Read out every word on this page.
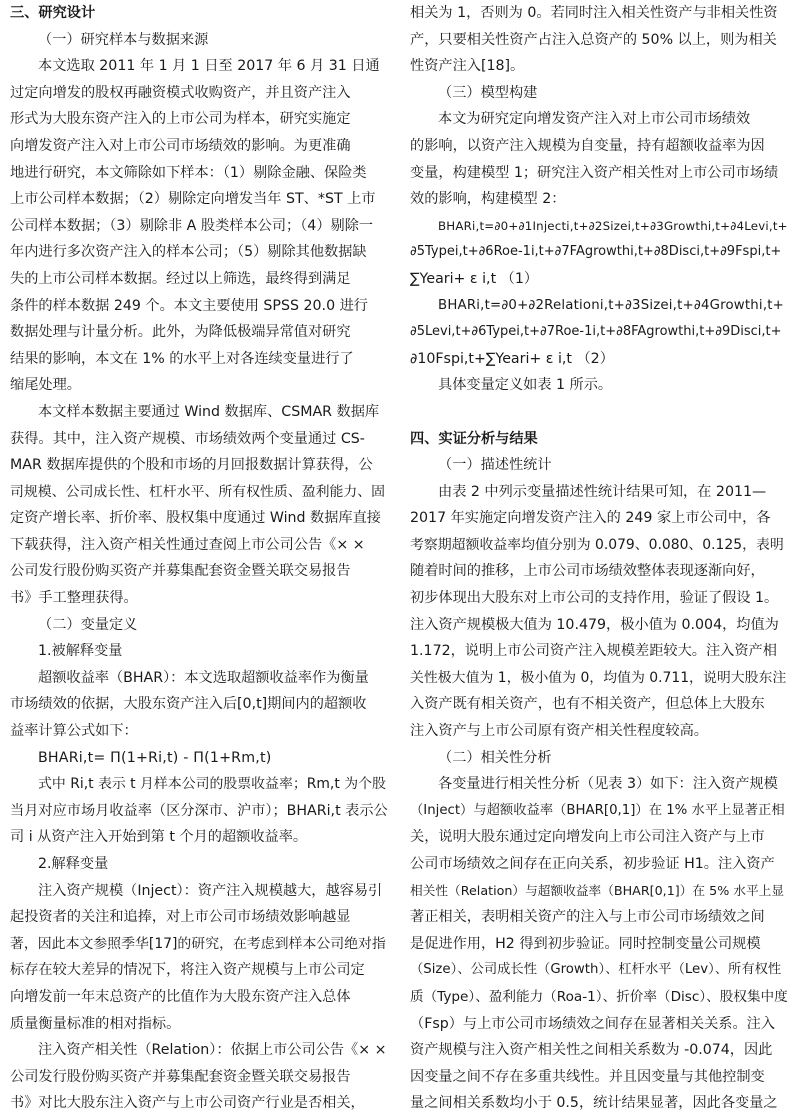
三、研究设计
（一）研究样本与数据来源
本文选取 2011 年 1 月 1 日至 2017 年 6 月 31 日通
过定向增发的股权再融资模式收购资产，并且资产注入
形式为大股东资产注入的上市公司为样本，研究实施定
向增发资产注入对上市公司市场绩效的影响。为更准确
地进行研究，本文筛除如下样本：（1）剔除金融、保险类
上市公司样本数据；（2）剔除定向增发当年 ST、*ST 上市
公司样本数据；（3）剔除非 A 股类样本公司；（4）剔除一
年内进行多次资产注入的样本公司；（5）剔除其他数据缺
失的上市公司样本数据。经过以上筛选，最终得到满足
条件的样本数据 249 个。本文主要使用 SPSS 20.0 进行
数据处理与计量分析。此外，为降低极端异常值对研究
结果的影响，本文在 1% 的水平上对各连续变量进行了
缩尾处理。
本文样本数据主要通过 Wind 数据库、CSMAR 数据库
获得。其中，注入资产规模、市场绩效两个变量通过 CS-
MAR 数据库提供的个股和市场的月回报数据计算获得，公
司规模、公司成长性、杠杆水平、所有权性质、盈利能力、固
定资产增长率、折价率、股权集中度通过 Wind 数据库直接
下载获得，注入资产相关性通过查阅上市公司公告《× ×
公司发行股份购买资产并募集配套资金暨关联交易报告
书》手工整理获得。
（二）变量定义
1.被解释变量
超额收益率（BHAR）：本文选取超额收益率作为衡量
市场绩效的依据，大股东资产注入后[0,t]期间内的超额收
益率计算公式如下：
BHARi,t= Π(1+Ri,t) - Π(1+Rm,t)
式中 Ri,t 表示 t 月样本公司的股票收益率；Rm,t 为个股
当月对应市场月收益率（区分深市、沪市）；BHARi,t 表示公
司 i 从资产注入开始到第 t 个月的超额收益率。
2.解释变量
注入资产规模（Inject）：资产注入规模越大，越容易引
起投资者的关注和追捧，对上市公司市场绩效影响越显
著，因此本文参照季华[17]的研究，在考虑到样本公司绝对指
标存在较大差异的情况下，将注入资产规模与上市公司定
向增发前一年末总资产的比值作为大股东资产注入总体
质量衡量标准的相对指标。
注入资产相关性（Relation）：依据上市公司公告《× ×
公司发行股份购买资产并募集配套资金暨关联交易报告
书》对比大股东注入资产与上市公司资产行业是否相关，
相关为 1，否则为 0。若同时注入相关性资产与非相关性资
产，只要相关性资产占注入总资产的 50% 以上，则为相关
性资产注入[18]。
（三）模型构建
本文为研究定向增发资产注入对上市公司市场绩效
的影响，以资产注入规模为自变量，持有超额收益率为因
变量，构建模型 1；研究注入资产相关性对上市公司市场绩
效的影响，构建模型 2：
BHARi,t=∂0+∂1Injecti,t+∂2Sizei,t+∂3Growthi,t+∂4Levi,t+
∂5Typei,t+∂6Roe-1i,t+∂7FAgrowthi,t+∂8Disci,t+∂9Fspi,t+
∑Yeari+ ε i,t （1）
BHARi,t=∂0+∂2Relationi,t+∂3Sizei,t+∂4Growthi,t+
∂5Levi,t+∂6Typei,t+∂7Roe-1i,t+∂8FAgrowthi,t+∂9Disci,t+
∂10Fspi,t+∑Yeari+ ε i,t （2）
具体变量定义如表 1 所示。
四、实证分析与结果
（一）描述性统计
由表 2 中列示变量描述性统计结果可知，在 2011—
2017 年实施定向增发资产注入的 249 家上市公司中，各
考察期超额收益率均值分别为 0.079、0.080、0.125，表明
随着时间的推移，上市公司市场绩效整体表现逐渐向好，
初步体现出大股东对上市公司的支持作用，验证了假设 1。
注入资产规模极大值为 10.479，极小值为 0.004，均值为
1.172，说明上市公司资产注入规模差距较大。注入资产相
关性极大值为 1，极小值为 0，均值为 0.711，说明大股东注
入资产既有相关资产，也有不相关资产，但总体上大股东
注入资产与上市公司原有资产相关性程度较高。
（二）相关性分析
各变量进行相关性分析（见表 3）如下：注入资产规模
（Inject）与超额收益率（BHAR[0,1]）在 1% 水平上显著正相
关，说明大股东通过定向增发向上市公司注入资产与上市
公司市场绩效之间存在正向关系，初步验证 H1。注入资产
相关性（Relation）与超额收益率（BHAR[0,1]）在 5% 水平上显
著正相关，表明相关资产的注入与上市公司市场绩效之间
是促进作用，H2 得到初步验证。同时控制变量公司规模
（Size）、公司成长性（Growth）、杠杆水平（Lev）、所有权性
质（Type）、盈利能力（Roa-1）、折价率（Disc）、股权集中度
（Fsp）与上市公司市场绩效之间存在显著相关关系。注入
资产规模与注入资产相关性之间相关系数为 -0.074，因此
因变量之间不存在多重共线性。并且因变量与其他控制变
量之间相关系数均小于 0.5，统计结果显著，因此各变量之
